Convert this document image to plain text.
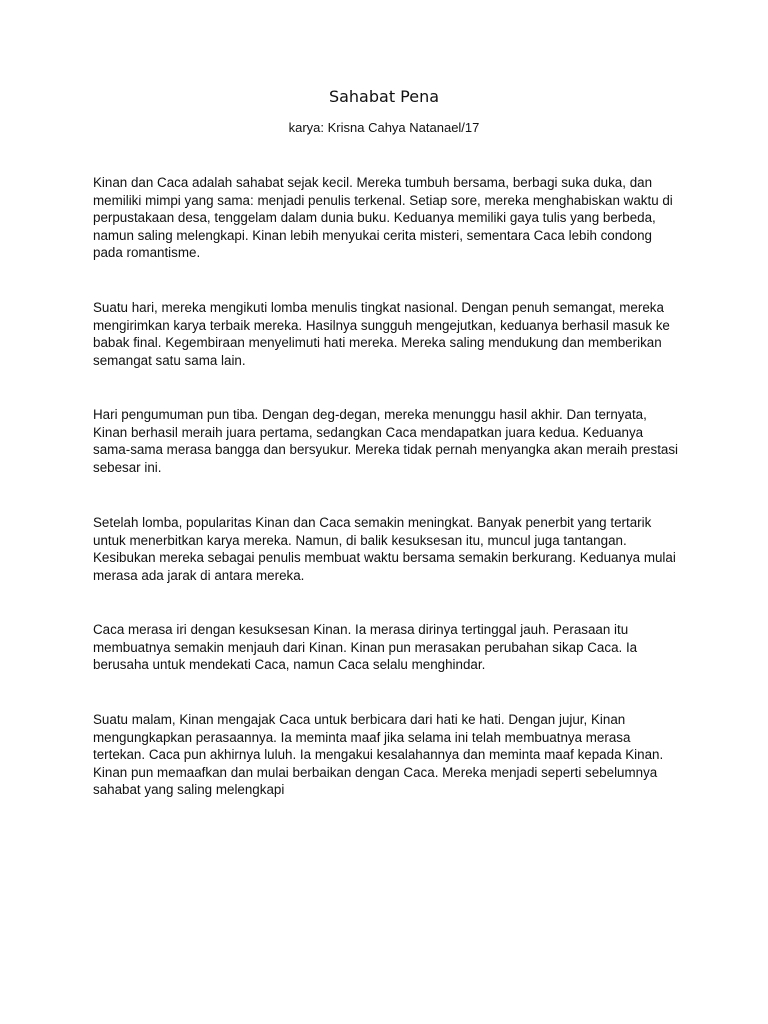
Sahabat Pena

karya: Krisna Cahya Natanael/17

Kinan dan Caca adalah sahabat sejak kecil. Mereka tumbuh bersama, berbagi suka duka, dan memiliki mimpi yang sama: menjadi penulis terkenal. Setiap sore, mereka menghabiskan waktu di perpustakaan desa, tenggelam dalam dunia buku. Keduanya memiliki gaya tulis yang berbeda, namun saling melengkapi. Kinan lebih menyukai cerita misteri, sementara Caca lebih condong pada romantisme.

Suatu hari, mereka mengikuti lomba menulis tingkat nasional. Dengan penuh semangat, mereka mengirimkan karya terbaik mereka. Hasilnya sungguh mengejutkan, keduanya berhasil masuk ke babak final. Kegembiraan menyelimuti hati mereka. Mereka saling mendukung dan memberikan semangat satu sama lain.

Hari pengumuman pun tiba. Dengan deg-degan, mereka menunggu hasil akhir. Dan ternyata, Kinan berhasil meraih juara pertama, sedangkan Caca mendapatkan juara kedua. Keduanya sama-sama merasa bangga dan bersyukur. Mereka tidak pernah menyangka akan meraih prestasi sebesar ini.

Setelah lomba, popularitas Kinan dan Caca semakin meningkat. Banyak penerbit yang tertarik untuk menerbitkan karya mereka. Namun, di balik kesuksesan itu, muncul juga tantangan. Kesibukan mereka sebagai penulis membuat waktu bersama semakin berkurang. Keduanya mulai merasa ada jarak di antara mereka.

Caca merasa iri dengan kesuksesan Kinan. Ia merasa dirinya tertinggal jauh. Perasaan itu membuatnya semakin menjauh dari Kinan. Kinan pun merasakan perubahan sikap Caca. Ia berusaha untuk mendekati Caca, namun Caca selalu menghindar.

Suatu malam, Kinan mengajak Caca untuk berbicara dari hati ke hati. Dengan jujur, Kinan mengungkapkan perasaannya. Ia meminta maaf jika selama ini telah membuatnya merasa tertekan. Caca pun akhirnya luluh. Ia mengakui kesalahannya dan meminta maaf kepada Kinan. Kinan pun memaafkan dan mulai berbaikan dengan Caca. Mereka menjadi seperti sebelumnya sahabat yang saling melengkapi
